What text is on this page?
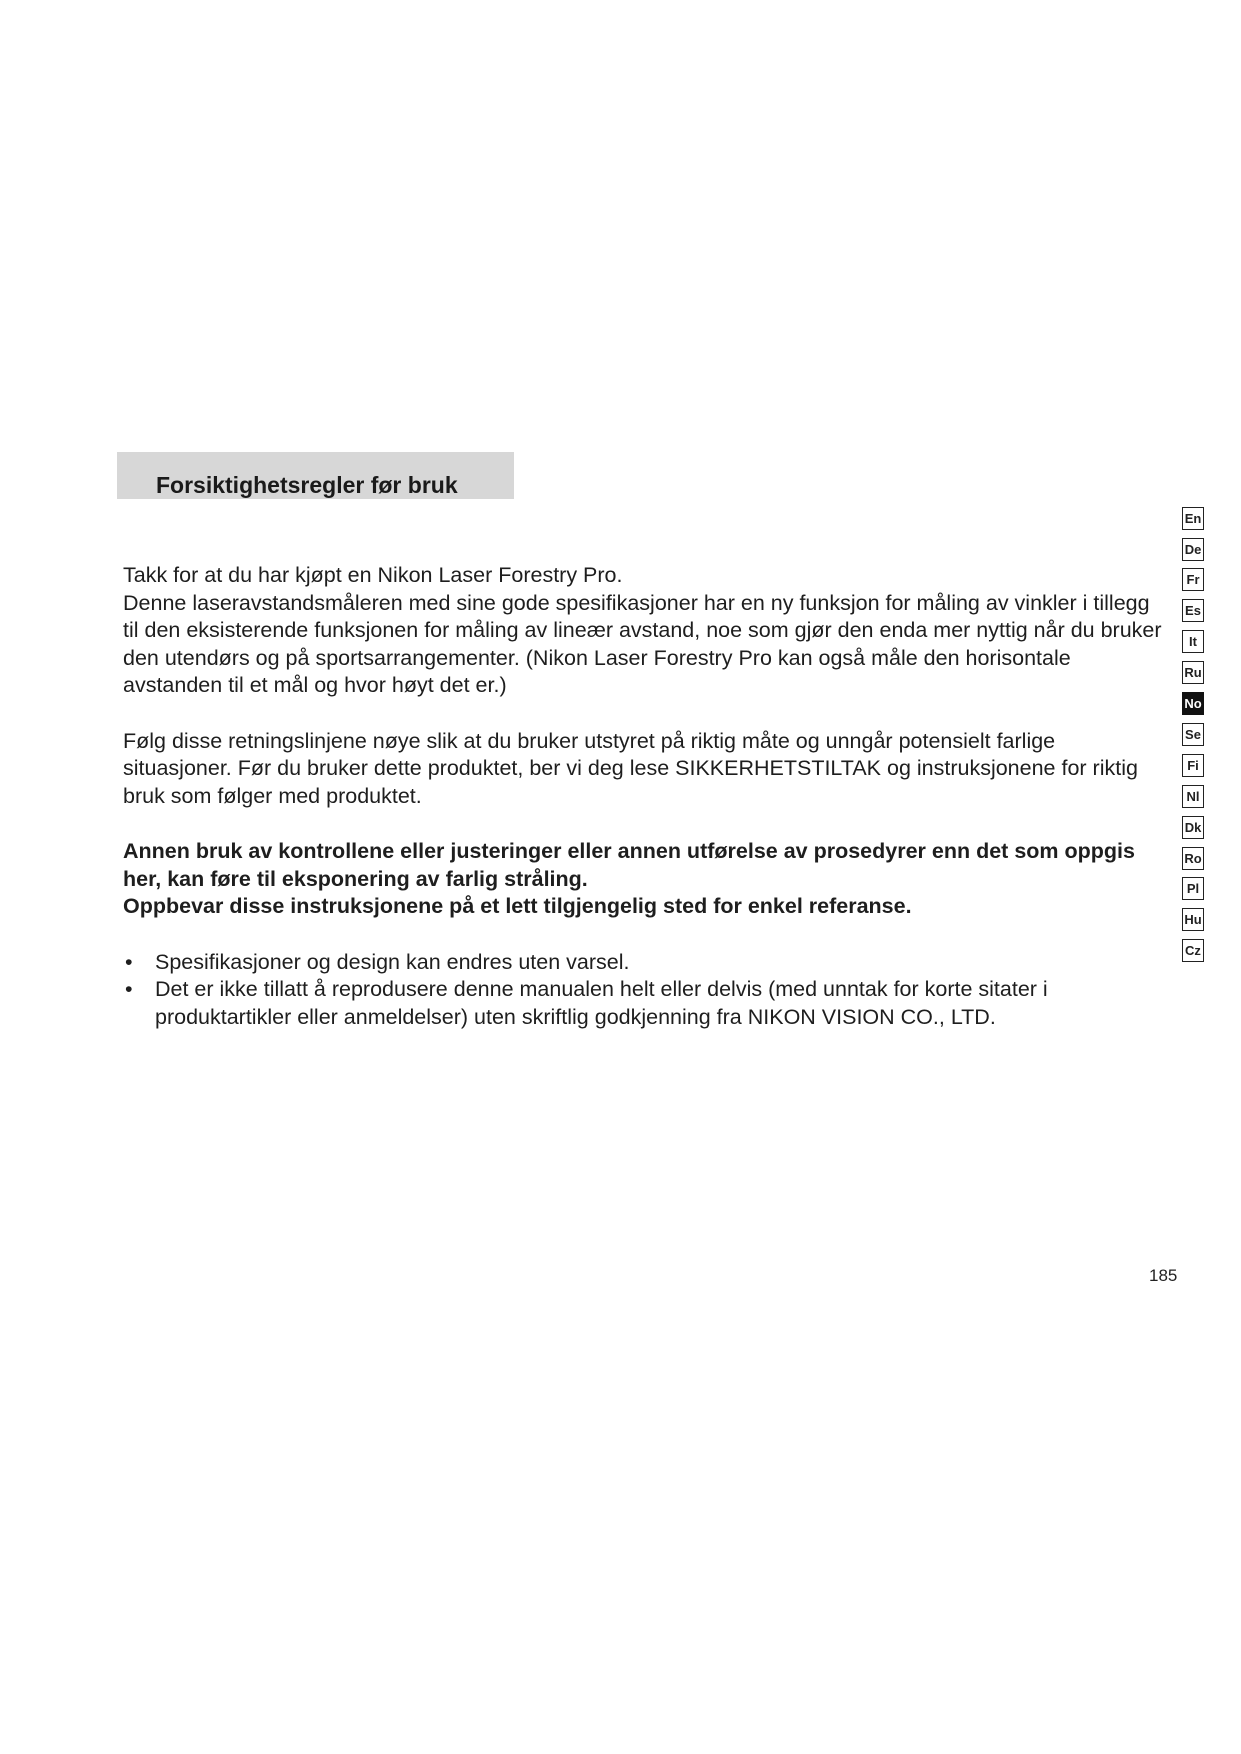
Forsiktighetsregler før bruk

Takk for at du har kjøpt en Nikon Laser Forestry Pro.

Denne laseravstandsmåleren med sine gode spesifikasjoner har en ny funksjon for måling av vinkler i tillegg til den eksisterende funksjonen for måling av lineær avstand, noe som gjør den enda mer nyttig når du bruker den utendørs og på sportsarrangementer. (Nikon Laser Forestry Pro kan også måle den horisontale avstanden til et mål og hvor høyt det er.)

Følg disse retningslinjene nøye slik at du bruker utstyret på riktig måte og unngår potensielt farlige situasjoner. Før du bruker dette produktet, ber vi deg lese SIKKERHETSTILTAK og instruksjonene for riktig bruk som følger med produktet.

Annen bruk av kontrollene eller justeringer eller annen utførelse av prosedyrer enn det som oppgis her, kan føre til eksponering av farlig stråling.

Oppbevar disse instruksjonene på et lett tilgjengelig sted for enkel referanse.

• Spesifikasjoner og design kan endres uten varsel.
• Det er ikke tillatt å reprodusere denne manualen helt eller delvis (med unntak for korte sitater i produktartikler eller anmeldelser) uten skriftlig godkjenning fra NIKON VISION CO., LTD.
En
De
Fr
Es
It
Ru
No
Se
Fi
Nl
Dk
Ro
Pl
Hu
Cz
185
